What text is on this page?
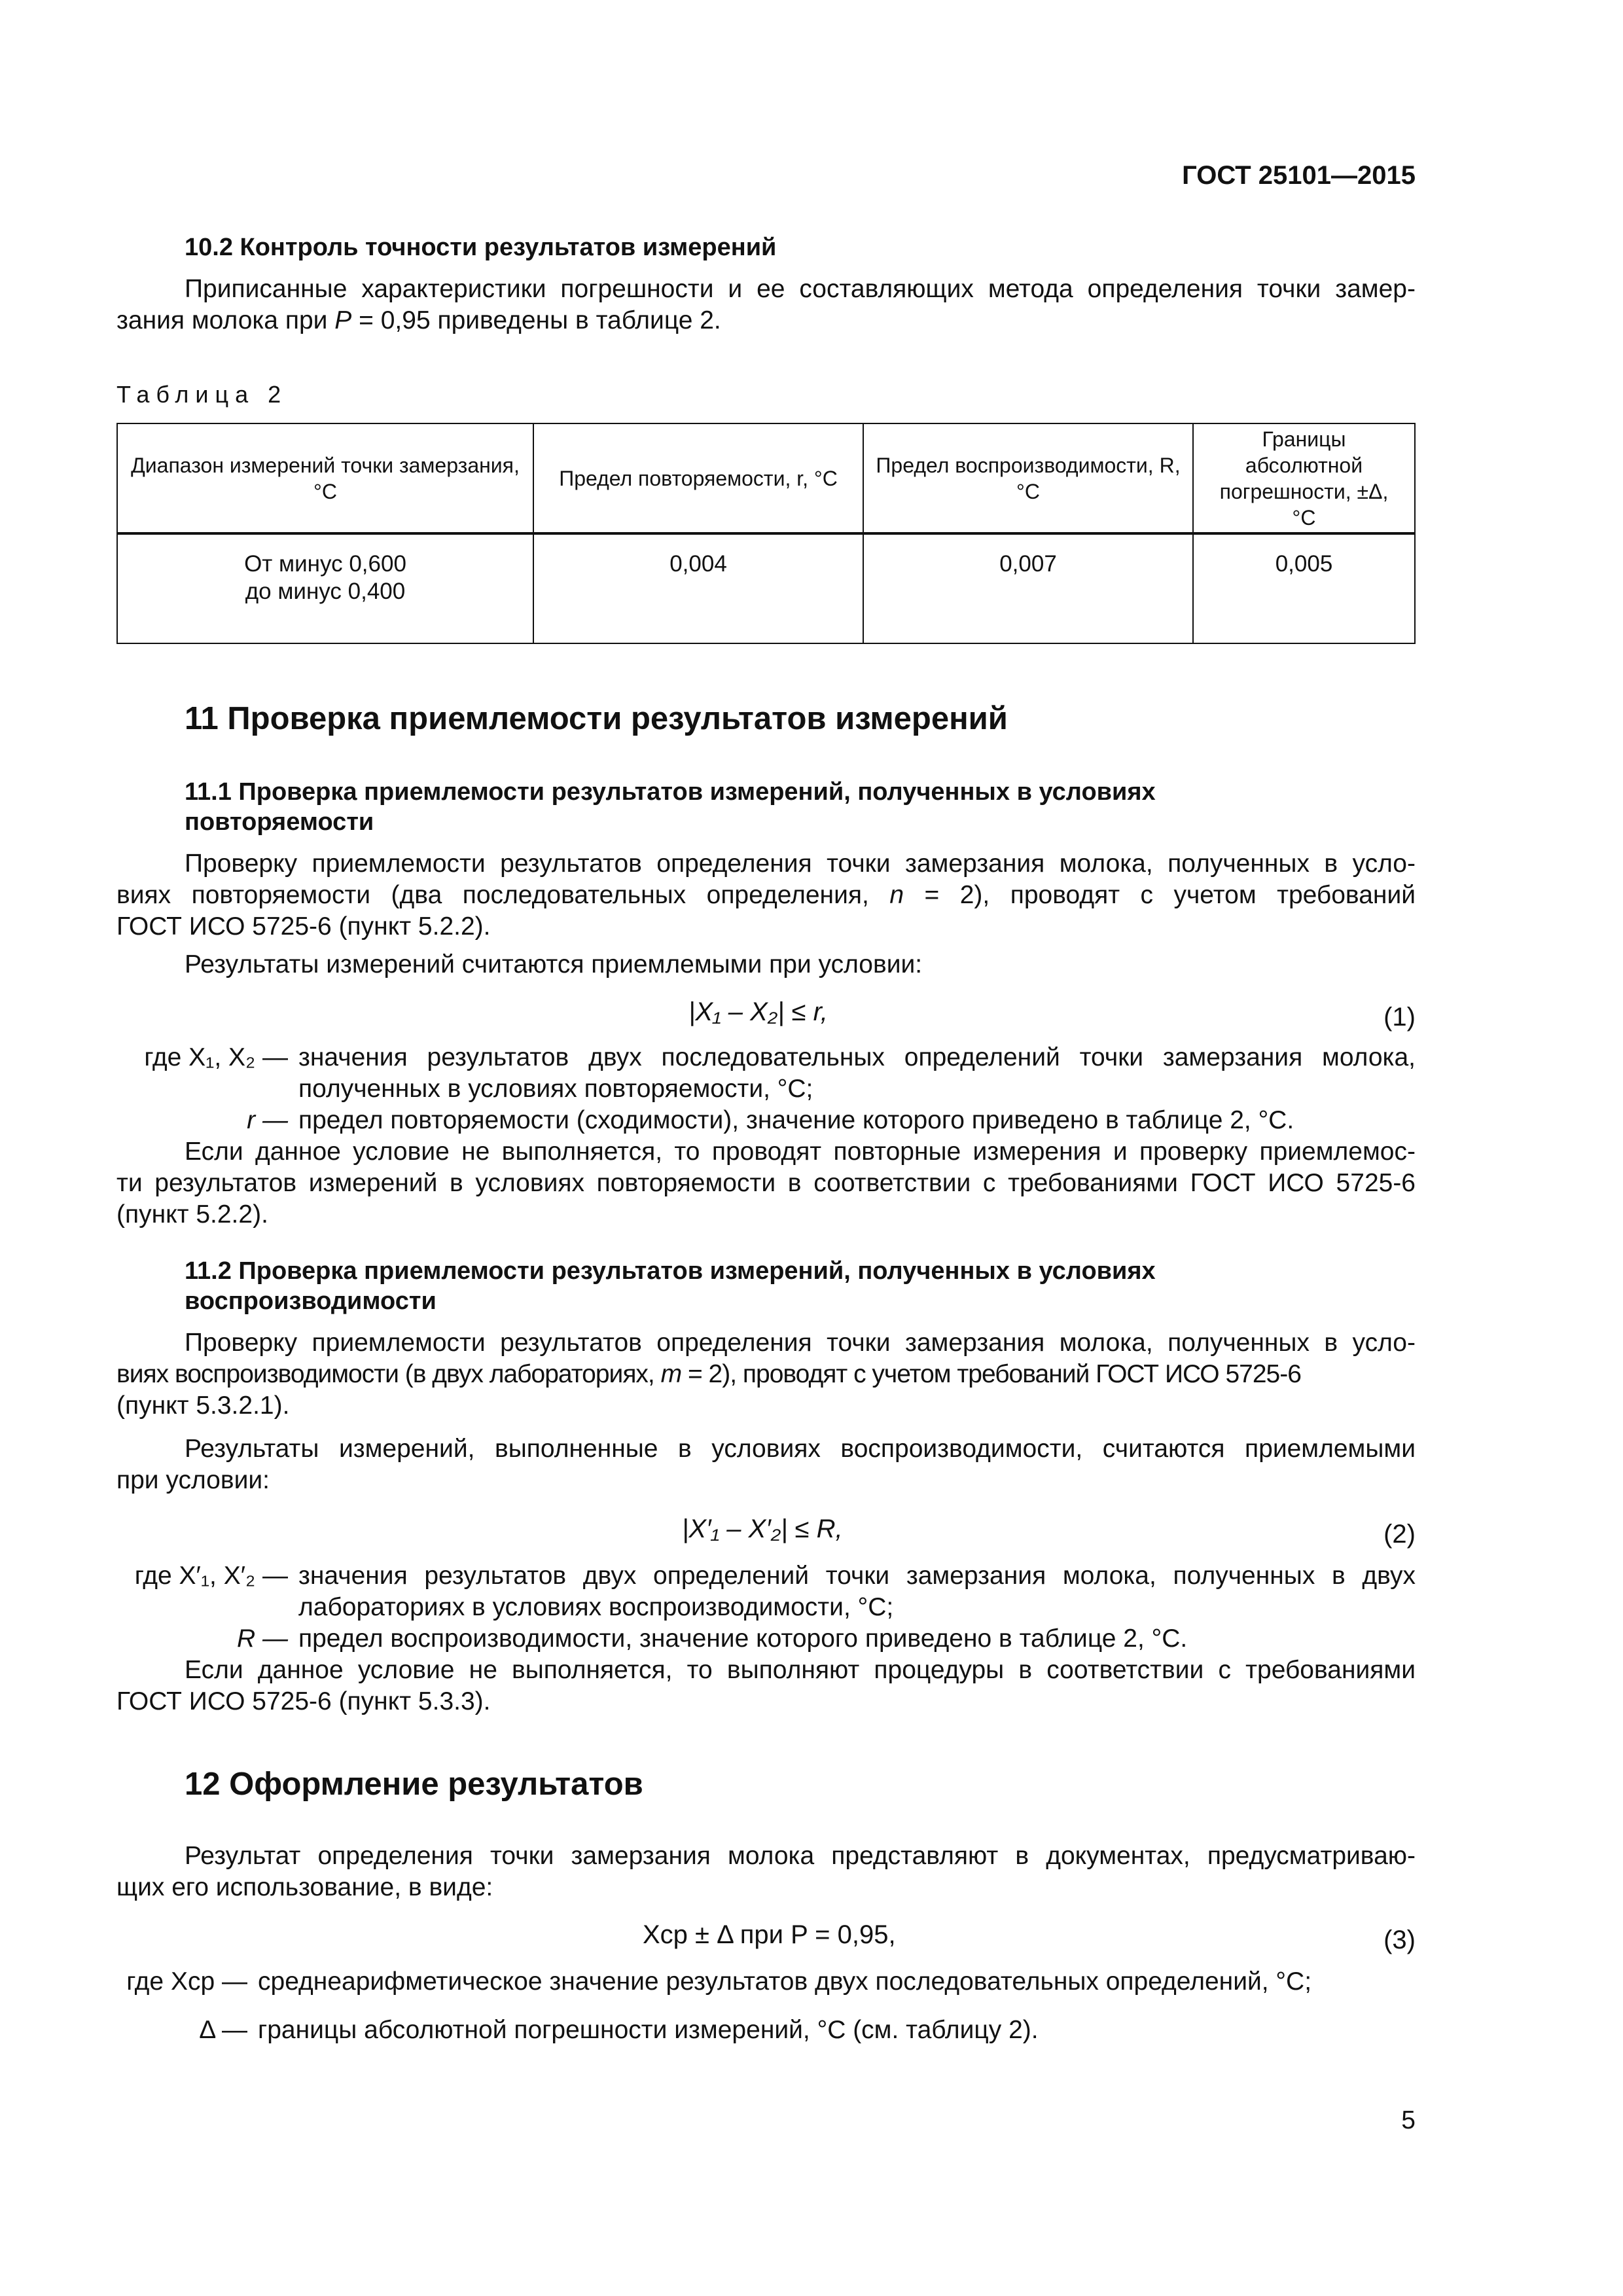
ГОСТ 25101—2015
10.2 Контроль точности результатов измерений
Приписанные характеристики погрешности и ее составляющих метода определения точки замер-
зания молока при P = 0,95 приведены в таблице 2.
Таблица 2
Диапазон измерений точки замерзания, °С	Предел повторяемости, r, °С	Предел воспроизводимости, R, °С	Границы абсолютной погрешности, ±Δ, °С

От минус 0,600
до минус 0,400	0,004	0,007	0,005
11 Проверка приемлемости результатов измерений
11.1 Проверка приемлемости результатов измерений, полученных в условиях
повторяемости
Проверку приемлемости результатов определения точки замерзания молока, полученных в усло-
виях повторяемости (два последовательных определения, n = 2), проводят с учетом требований
ГОСТ ИСО 5725-6 (пункт 5.2.2).
Результаты измерений считаются приемлемыми при условии:
|X₁ – X₂| ≤ r,	(1)
где X₁, X₂ — значения результатов двух последовательных определений точки замерзания молока,
полученных в условиях повторяемости, °С;
r — предел повторяемости (сходимости), значение которого приведено в таблице 2, °С.
Если данное условие не выполняется, то проводят повторные измерения и проверку приемлемос-
ти результатов измерений в условиях повторяемости в соответствии с требованиями ГОСТ ИСО 5725-6
(пункт 5.2.2).
11.2 Проверка приемлемости результатов измерений, полученных в условиях
воспроизводимости
Проверку приемлемости результатов определения точки замерзания молока, полученных в усло-
виях воспроизводимости (в двух лабораториях, m = 2), проводят с учетом требований ГОСТ ИСО 5725-6
(пункт 5.3.2.1).
Результаты измерений, выполненные в условиях воспроизводимости, считаются приемлемыми
при условии:
|X′₁ – X′₂| ≤ R,	(2)
где X′₁, X′₂ — значения результатов двух определений точки замерзания молока, полученных в двух
лабораториях в условиях воспроизводимости, °С;
R — предел воспроизводимости, значение которого приведено в таблице 2, °С.
Если данное условие не выполняется, то выполняют процедуры в соответствии с требованиями
ГОСТ ИСО 5725-6 (пункт 5.3.3).
12 Оформление результатов
Результат определения точки замерзания молока представляют в документах, предусматриваю-
щих его использование, в виде:
Xср ± Δ при P = 0,95,	(3)
где Xср — среднеарифметическое значение результатов двух последовательных определений, °С;
Δ — границы абсолютной погрешности измерений, °С (см. таблицу 2).
5
